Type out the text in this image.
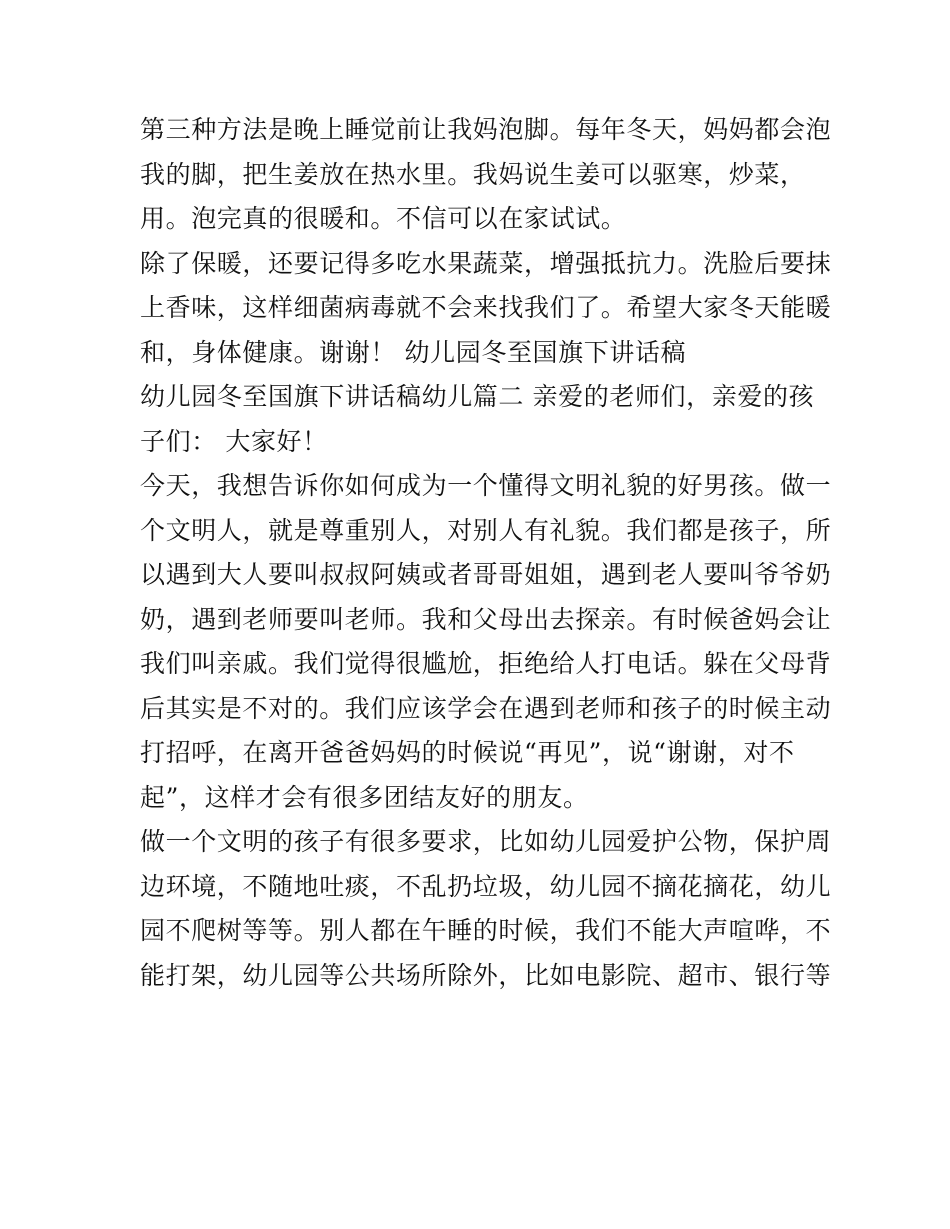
第三种方法是晚上睡觉前让我妈泡脚。每年冬天，妈妈都会泡
我的脚，把生姜放在热水里。我妈说生姜可以驱寒，炒菜，
用。泡完真的很暖和。不信可以在家试试。
除了保暖，还要记得多吃水果蔬菜，增强抵抗力。洗脸后要抹
上香味，这样细菌病毒就不会来找我们了。希望大家冬天能暖
和，身体健康。谢谢！ 幼儿园冬至国旗下讲话稿
幼儿园冬至国旗下讲话稿幼儿篇二 亲爱的老师们，亲爱的孩
子们： 大家好！
今天，我想告诉你如何成为一个懂得文明礼貌的好男孩。做一
个文明人，就是尊重别人，对别人有礼貌。我们都是孩子，所
以遇到大人要叫叔叔阿姨或者哥哥姐姐，遇到老人要叫爷爷奶
奶，遇到老师要叫老师。我和父母出去探亲。有时候爸妈会让
我们叫亲戚。我们觉得很尴尬，拒绝给人打电话。躲在父母背
后其实是不对的。我们应该学会在遇到老师和孩子的时候主动
打招呼，在离开爸爸妈妈的时候说“再见”，说“谢谢，对不
起”，这样才会有很多团结友好的朋友。
做一个文明的孩子有很多要求，比如幼儿园爱护公物，保护周
边环境，不随地吐痰，不乱扔垃圾，幼儿园不摘花摘花，幼儿
园不爬树等等。别人都在午睡的时候，我们不能大声喧哗，不
能打架，幼儿园等公共场所除外，比如电影院、超市、银行等
